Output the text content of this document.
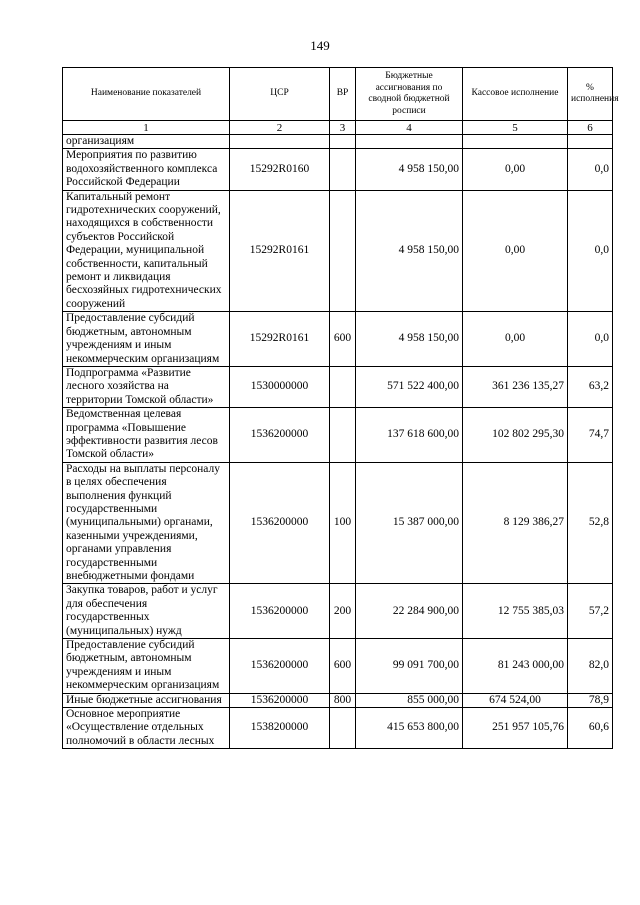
149
Наименование показателей	ЦСР	ВР	Бюджетные ассигнования по сводной бюджетной росписи	Кассовое исполнение	% исполнения
1	2	3	4	5	6
организациям					
Мероприятия по развитию водохозяйственного комплекса Российской Федерации	15292R0160		4 958 150,00	0,00	0,0
Капитальный ремонт гидротехнических сооружений, находящихся в собственности субъектов Российской Федерации, муниципальной собственности, капитальный ремонт и ликвидация бесхозяйных гидротехнических сооружений	15292R0161		4 958 150,00	0,00	0,0
Предоставление субсидий бюджетным, автономным учреждениям и иным некоммерческим организациям	15292R0161	600	4 958 150,00	0,00	0,0
Подпрограмма «Развитие лесного хозяйства на территории Томской области»	1530000000		571 522 400,00	361 236 135,27	63,2
Ведомственная целевая программа «Повышение эффективности развития лесов Томской области»	1536200000		137 618 600,00	102 802 295,30	74,7
Расходы на выплаты персоналу в целях обеспечения выполнения функций государственными (муниципальными) органами, казенными учреждениями, органами управления государственными внебюджетными фондами	1536200000	100	15 387 000,00	8 129 386,27	52,8
Закупка товаров, работ и услуг для обеспечения государственных (муниципальных) нужд	1536200000	200	22 284 900,00	12 755 385,03	57,2
Предоставление субсидий бюджетным, автономным учреждениям и иным некоммерческим организациям	1536200000	600	99 091 700,00	81 243 000,00	82,0
Иные бюджетные ассигнования	1536200000	800	855 000,00	674 524,00	78,9
Основное мероприятие «Осуществление отдельных полномочий в области лесных	1538200000		415 653 800,00	251 957 105,76	60,6
